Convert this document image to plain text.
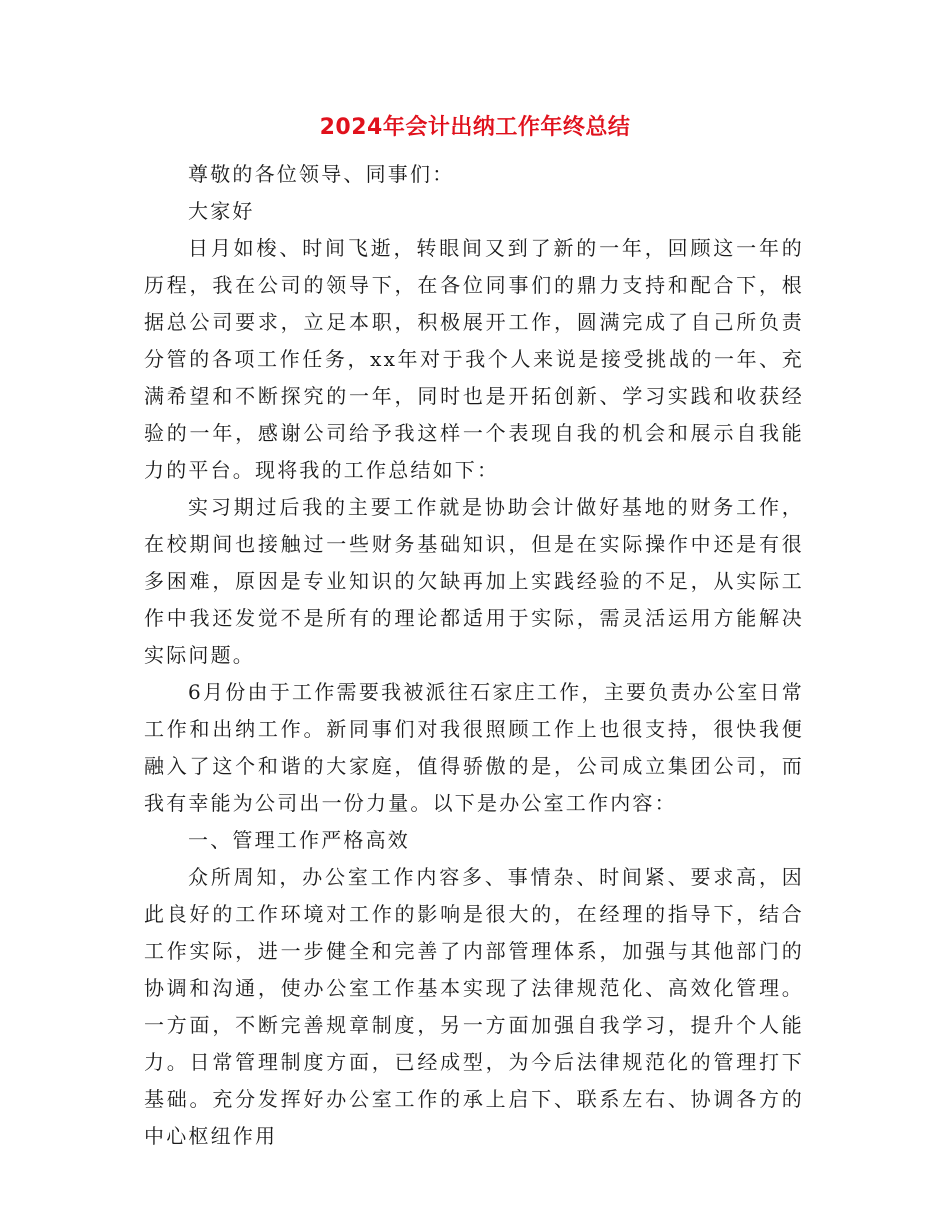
2024年会计出纳工作年终总结

尊敬的各位领导、同事们：

大家好

日月如梭、时间飞逝，转眼间又到了新的一年，回顾这一年的历程，我在公司的领导下，在各位同事们的鼎力支持和配合下，根据总公司要求，立足本职，积极展开工作，圆满完成了自己所负责分管的各项工作任务，xx年对于我个人来说是接受挑战的一年、充满希望和不断探究的一年，同时也是开拓创新、学习实践和收获经验的一年，感谢公司给予我这样一个表现自我的机会和展示自我能力的平台。现将我的工作总结如下：

实习期过后我的主要工作就是协助会计做好基地的财务工作，在校期间也接触过一些财务基础知识，但是在实际操作中还是有很多困难，原因是专业知识的欠缺再加上实践经验的不足，从实际工作中我还发觉不是所有的理论都适用于实际，需灵活运用方能解决实际问题。

6月份由于工作需要我被派往石家庄工作，主要负责办公室日常工作和出纳工作。新同事们对我很照顾工作上也很支持，很快我便融入了这个和谐的大家庭，值得骄傲的是，公司成立集团公司，而我有幸能为公司出一份力量。以下是办公室工作内容：

一、管理工作严格高效

众所周知，办公室工作内容多、事情杂、时间紧、要求高，因此良好的工作环境对工作的影响是很大的，在经理的指导下，结合工作实际，进一步健全和完善了内部管理体系，加强与其他部门的协调和沟通，使办公室工作基本实现了法律规范化、高效化管理。一方面，不断完善规章制度，另一方面加强自我学习，提升个人能力。日常管理制度方面，已经成型，为今后法律规范化的管理打下基础。充分发挥好办公室工作的承上启下、联系左右、协调各方的中心枢纽作用
